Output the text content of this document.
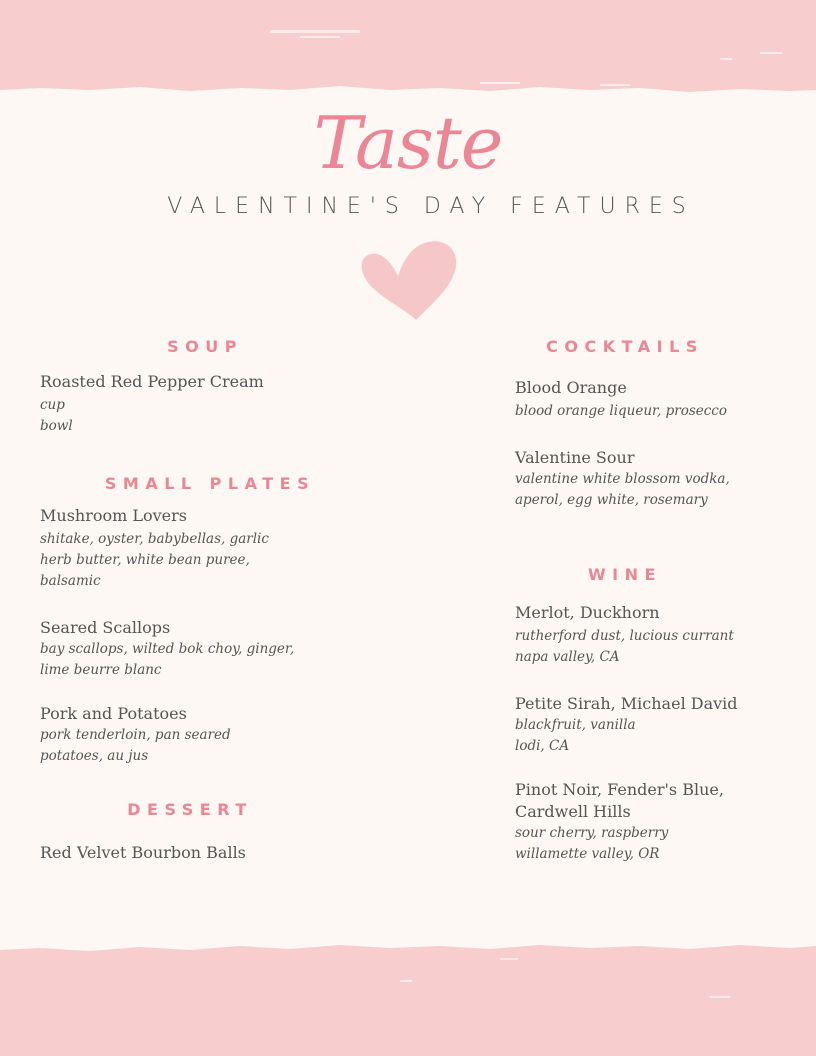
Taste
VALENTINE'S DAY FEATURES
SOUP
Roasted Red Pepper Cream
cup
bowl
SMALL PLATES
Mushroom Lovers
shitake, oyster, babybellas, garlic
herb butter, white bean puree,
balsamic
Seared Scallops
bay scallops, wilted bok choy, ginger,
lime beurre blanc
Pork and Potatoes
pork tenderloin, pan seared
potatoes, au jus
DESSERT
Red Velvet Bourbon Balls
COCKTAILS
Blood Orange
blood orange liqueur, prosecco
Valentine Sour
valentine white blossom vodka,
aperol, egg white, rosemary
WINE
Merlot, Duckhorn
rutherford dust, lucious currant
napa valley, CA
Petite Sirah, Michael David
blackfruit, vanilla
lodi, CA
Pinot Noir, Fender's Blue,
Cardwell Hills
sour cherry, raspberry
willamette valley, OR
